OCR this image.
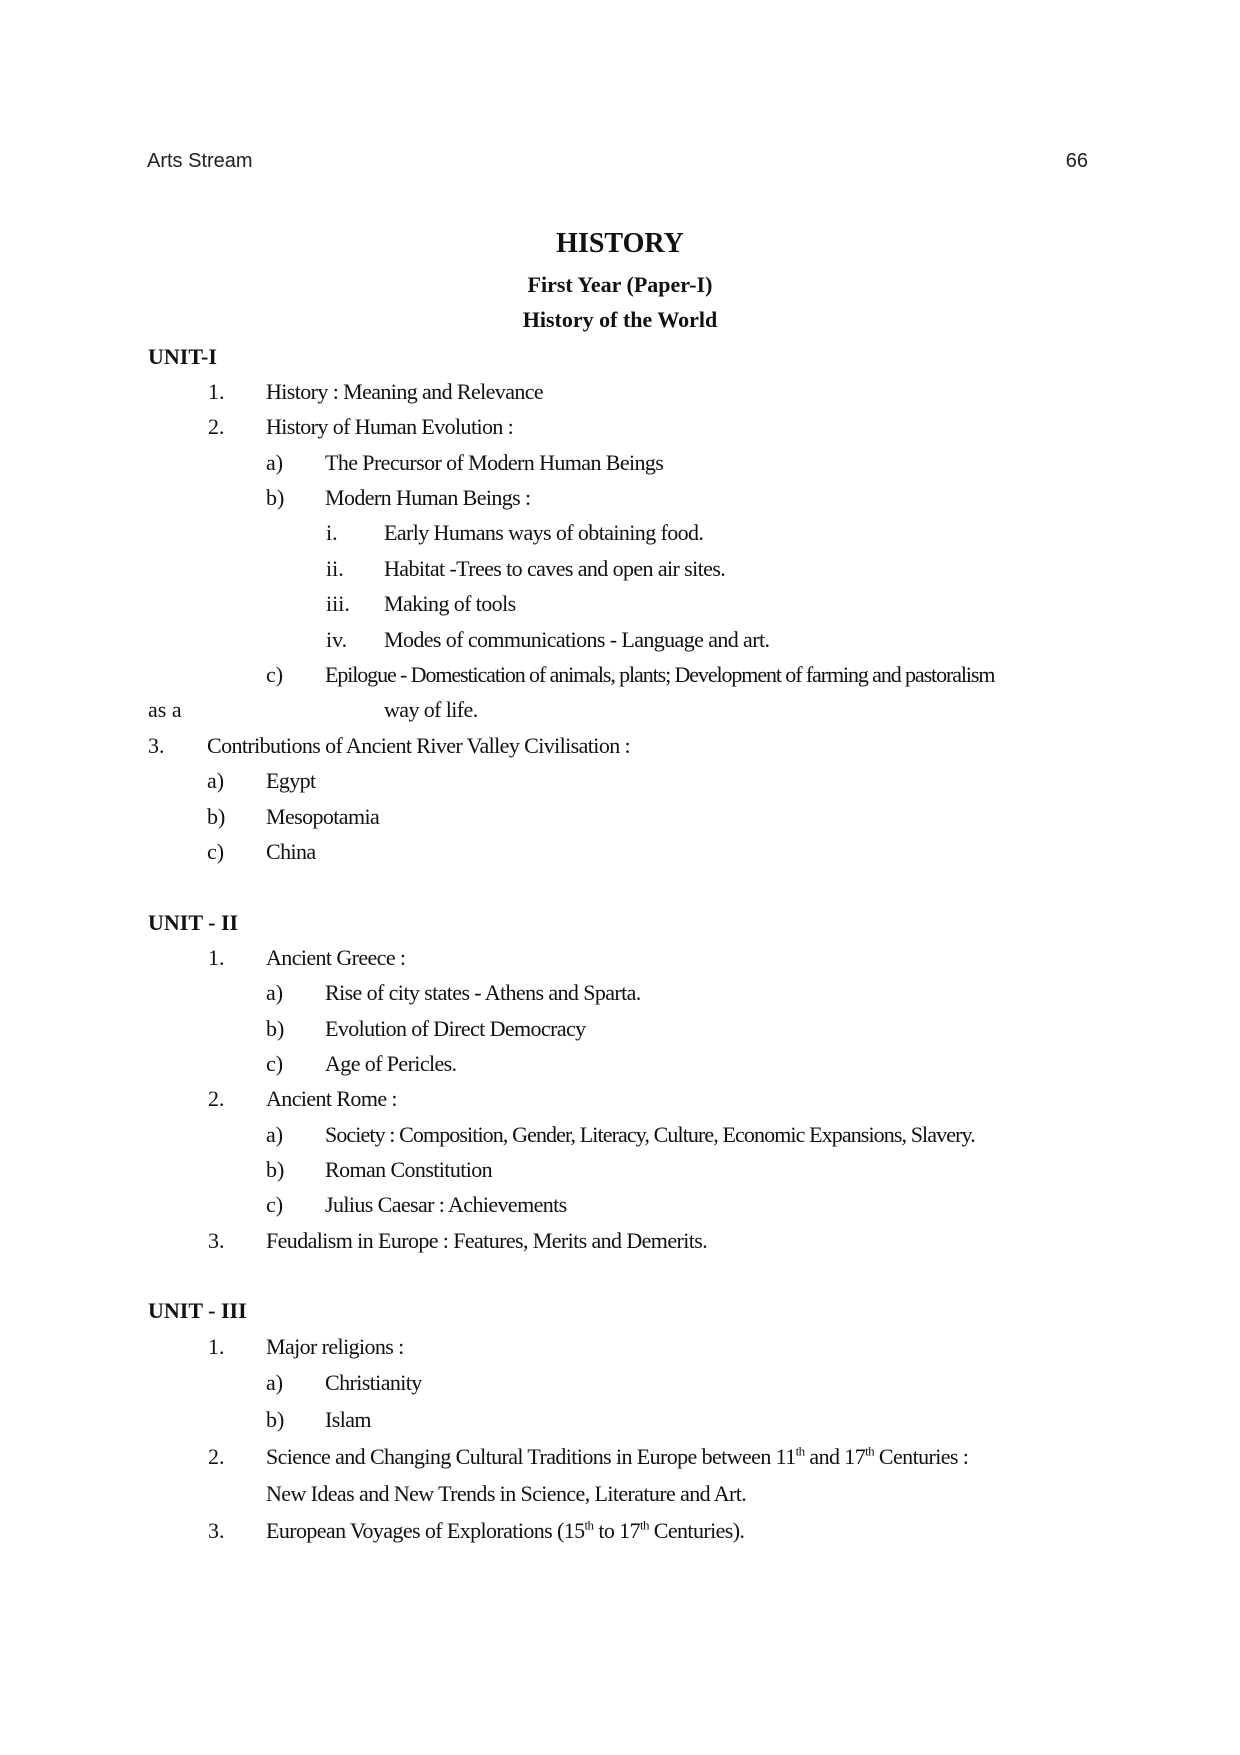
Arts Stream	66
HISTORY
First Year (Paper-I)
History of the World
UNIT-I
1. History : Meaning and Relevance
2. History of Human Evolution :
a) The Precursor of Modern Human Beings
b) Modern Human Beings :
i. Early Humans ways of obtaining food.
ii. Habitat -Trees to caves and open air sites.
iii. Making of tools
iv. Modes of communications - Language and art.
c) Epilogue - Domestication of animals, plants; Development of farming and pastoralism
as a	way of life.
3. Contributions of Ancient River Valley Civilisation :
a) Egypt
b) Mesopotamia
c) China
UNIT - II
1. Ancient Greece :
a) Rise of city states - Athens and Sparta.
b) Evolution of Direct Democracy
c) Age of Pericles.
2. Ancient Rome :
a) Society : Composition, Gender, Literacy, Culture, Economic Expansions, Slavery.
b) Roman Constitution
c) Julius Caesar : Achievements
3. Feudalism in Europe : Features, Merits and Demerits.
UNIT - III
1. Major religions :
a) Christianity
b) Islam
2. Science and Changing Cultural Traditions in Europe between 11th and 17th Centuries :
New Ideas and New Trends in Science, Literature and Art.
3. European Voyages of Explorations (15th to 17th Centuries).
